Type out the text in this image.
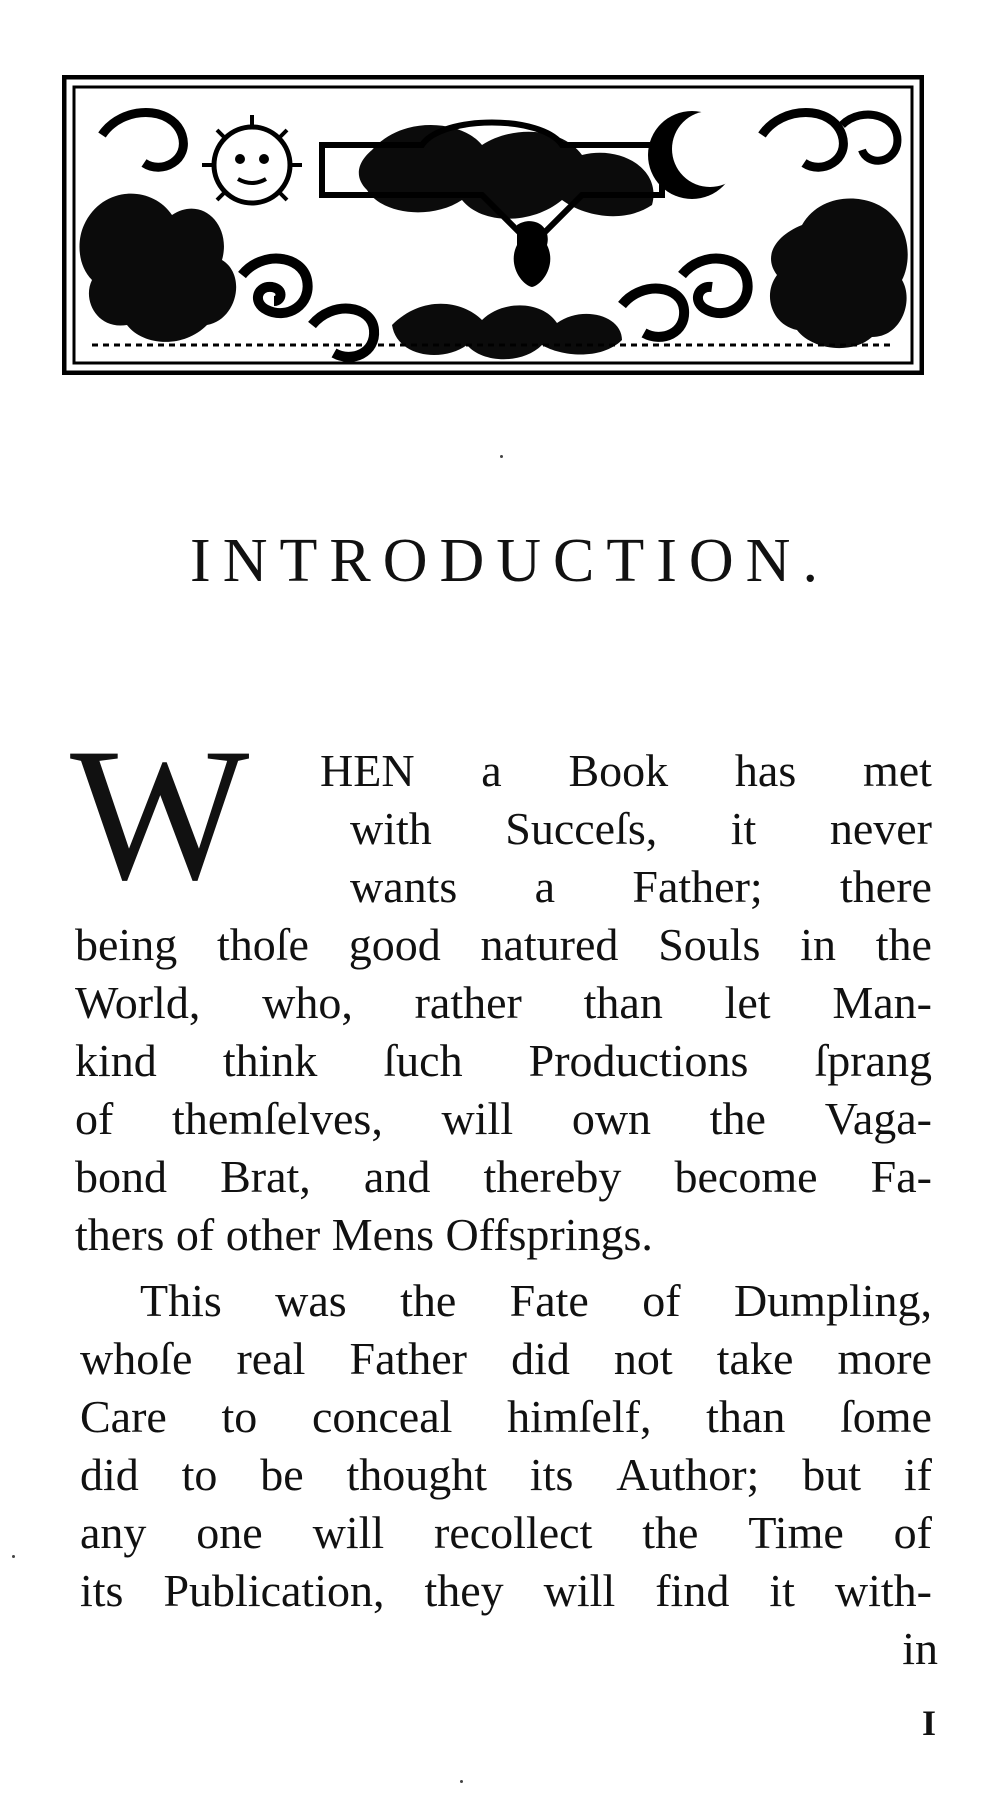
INTRODUCTION.
W HEN a Book has met
with Succeſs, it never
wants a Father; there
being thoſe good natured Souls in the
World, who, rather than let Man-
kind think ſuch Productions ſprang
of themſelves, will own the Vaga-
bond Brat, and thereby become Fa-
thers of other Mens Offsprings.
This was the Fate of Dumpling,
whoſe real Father did not take more
Care to conceal himſelf, than ſome
did to be thought its Author; but if
any one will recollect the Time of
its Publication, they will find it with-
in
I
